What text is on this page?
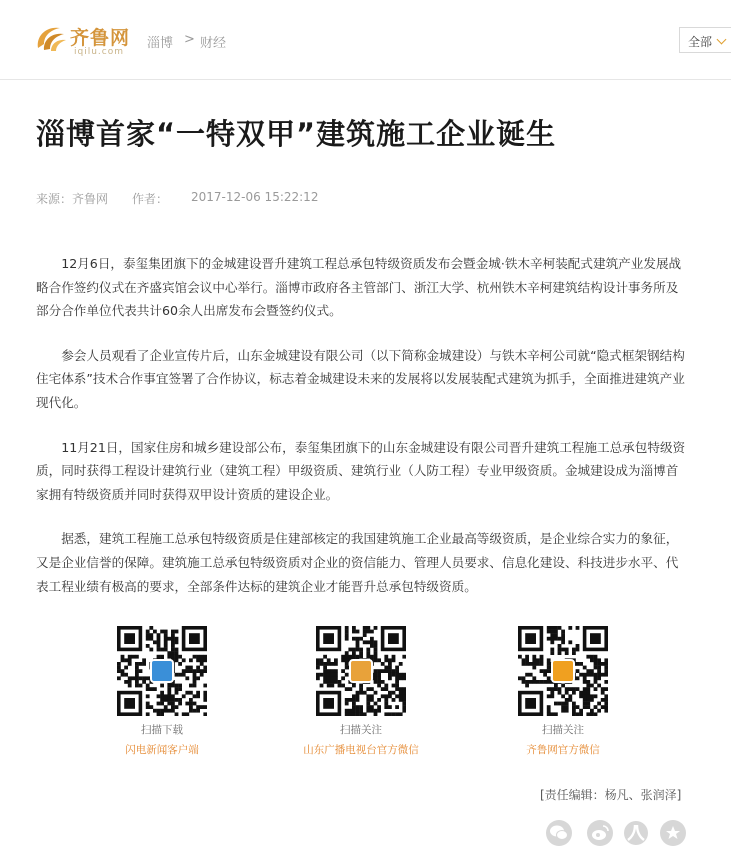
齐鲁网
iqilu.com
淄博 > 财经	全部
淄博首家“一特双甲”建筑施工企业诞生
来源：齐鲁网 作者： 2017-12-06 15:22:12

12月6日，泰玺集团旗下的金城建设晋升建筑工程总承包特级资质发布会暨金城·铁木辛柯装配式建筑产业发展战略合作签约仪式在齐盛宾馆会议中心举行。淄博市政府各主管部门、浙江大学、杭州铁木辛柯建筑结构设计事务所及部分合作单位代表共计60余人出席发布会暨签约仪式。

参会人员观看了企业宣传片后，山东金城建设有限公司（以下简称金城建设）与铁木辛柯公司就“隐式框架钢结构住宅体系”技术合作事宜签署了合作协议，标志着金城建设未来的发展将以发展装配式建筑为抓手，全面推进建筑产业现代化。

11月21日，国家住房和城乡建设部公布，泰玺集团旗下的山东金城建设有限公司晋升建筑工程施工总承包特级资质，同时获得工程设计建筑行业（建筑工程）甲级资质、建筑行业（人防工程）专业甲级资质。金城建设成为淄博首家拥有特级资质并同时获得双甲设计资质的建设企业。

据悉，建筑工程施工总承包特级资质是住建部核定的我国建筑施工企业最高等级资质，是企业综合实力的象征，又是企业信誉的保障。建筑施工总承包特级资质对企业的资信能力、管理人员要求、信息化建设、科技进步水平、代表工程业绩有极高的要求，全部条件达标的建筑企业才能晋升总承包特级资质。

扫描下载
闪电新闻客户端
扫描关注
山东广播电视台官方微信
扫描关注
齐鲁网官方微信
[责任编辑：杨凡、张润泽]
